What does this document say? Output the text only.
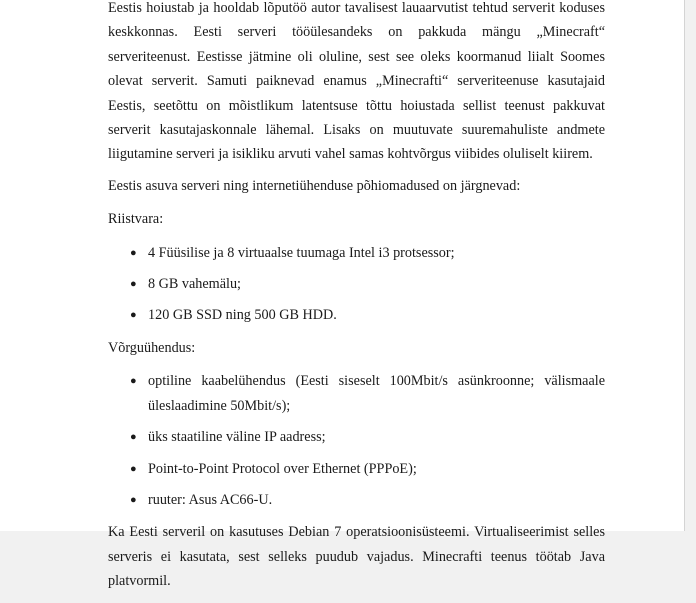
Eestis hoiustab ja hooldab lõputöö autor tavalisest lauaarvutist tehtud serverit koduses keskkonnas. Eesti serveri tööülesandeks on pakkuda mängu „Minecraft“ serveriteenust. Eestisse jätmine oli oluline, sest see oleks koormanud liialt Soomes olevat serverit. Samuti paiknevad enamus „Minecrafti“ serveriteenuse kasutajaid Eestis, seetõttu on mõistlikum latentsuse tõttu hoiustada sellist teenust pakkuvat serverit kasutajaskonnale lähemal. Lisaks on muutuvate suuremahuliste andmete liigutamine serveri ja isikliku arvuti vahel samas kohtvõrgus viibides oluliselt kiirem.

Eestis asuva serveri ning internetiühenduse põhiomadused on järgnevad:

Riistvara:

● 4 Füüsilise ja 8 virtuaalse tuumaga Intel i3 protsessor;
● 8 GB vahemälu;
● 120 GB SSD ning 500 GB HDD.

Võrguühendus:

● optiline kaabelühendus (Eesti siseselt 100Mbit/s asünkroonne; välismaale üleslaadimine 50Mbit/s);
● üks staatiline väline IP aadress;
● Point-to-Point Protocol over Ethernet (PPPoE);
● ruuter: Asus AC66-U.

Ka Eesti serveril on kasutuses Debian 7 operatsioonisüsteemi. Virtualiseerimist selles serveris ei kasutata, sest selleks puudub vajadus. Minecrafti teenus töötab Java platvormil.
